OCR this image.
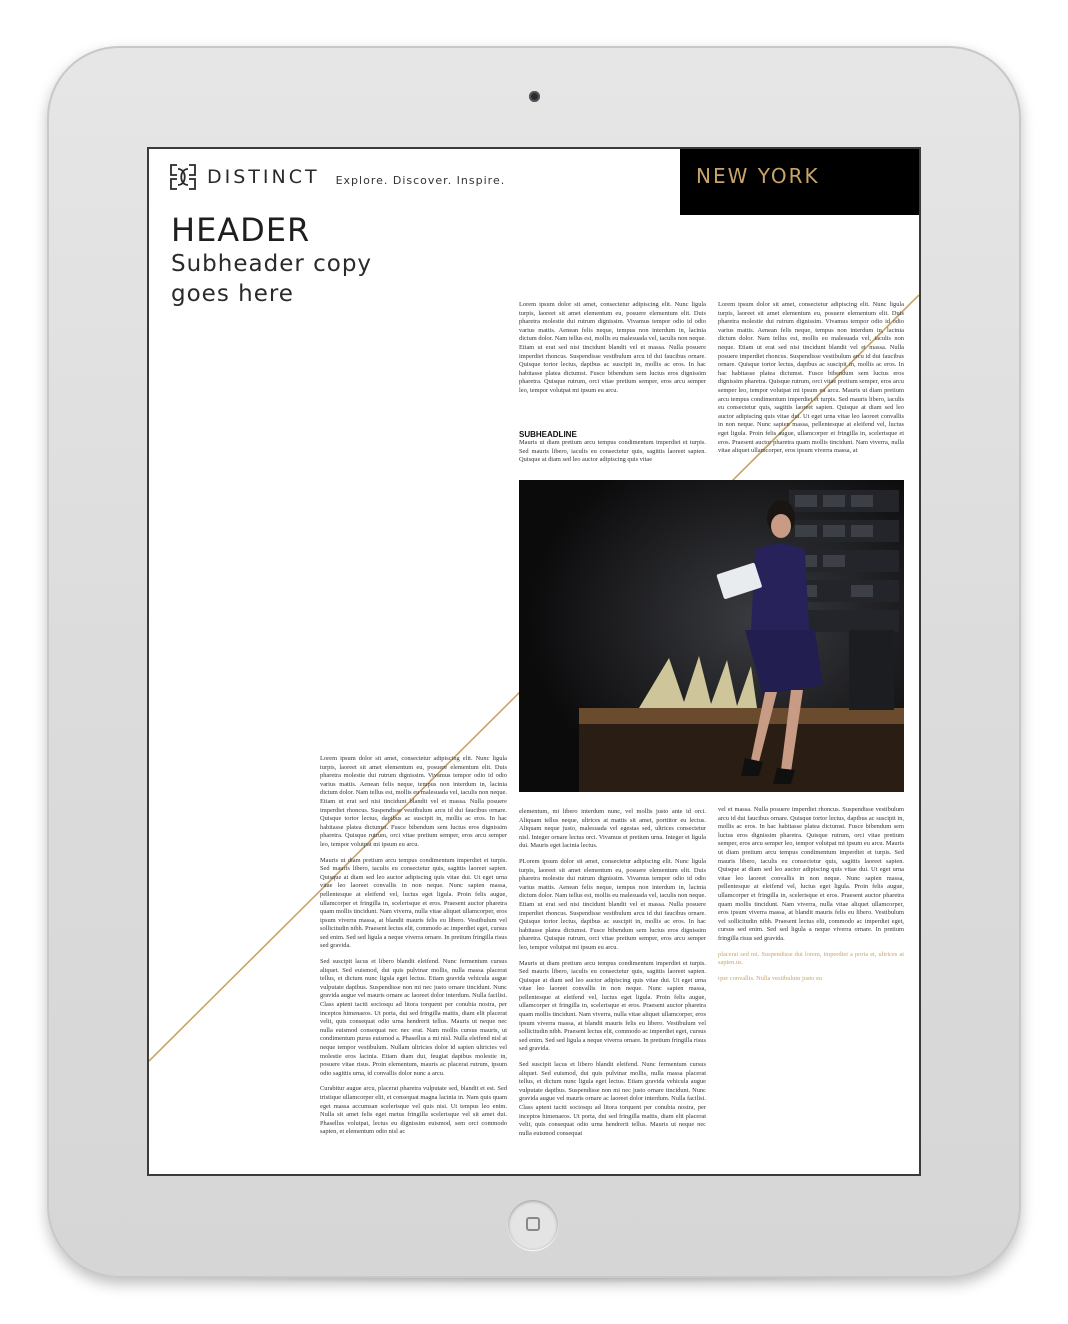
DISTINCT Explore. Discover. Inspire.	NEW YORK
HEADER
Subheader copy goes here	Lorem ipsum dolor sit amet, consectetur adipiscing elit. Nunc ligula turpis, laoreet sit amet elementum eu, posuere elementum elit. Duis pharetra molestie dui rutrum dignissim. Vivamus tempor odio id odio varius mattis. Aenean felis neque, tempus non interdum in, lacinia dictum dolor. Nam tellus est, mollis eu malesuada vel, iaculis non neque. Etiam ut erat sed nisi tincidunt blandit vel et massa. Nulla posuere imperdiet rhoncus. Suspendisse vestibulum arcu id dui faucibus ornare. Quisque tortor lectus, dapibus ac suscipit in, mollis ac eros. In hac habitasse platea dictumst. Fusce bibendum sem luctus eros dignissim pharetra. Quisque rutrum, orci vitae pretium semper, eros arcu semper leo, tempor volutpat mi ipsum eu arcu.

SUBHEADLINE

Mauris ut diam pretium arcu tempus condimentum imperdiet et turpis. Sed mauris libero, iaculis eu consectetur quis, sagittis laoreet sapien. Quisque at diam sed leo auctor adipiscing quis vitae

Lorem ipsum dolor sit amet, consectetur adipiscing elit. Nunc ligula turpis, laoreet sit amet elementum eu, posuere elementum elit. Duis pharetra molestie dui rutrum dignissim. Vivamus tempor odio id odio varius mattis. Aenean felis neque, tempus non interdum in, lacinia dictum dolor. Nam tellus est, mollis eu malesuada vel, iaculis non neque. Etiam ut erat sed nisi tincidunt blandit vel et massa. Nulla posuere imperdiet rhoncus. Suspendisse vestibulum arcu id dui faucibus ornare. Quisque tortor lectus, dapibus ac suscipit in, mollis ac eros. In hac habitasse platea dictumst. Fusce bibendum sem luctus eros dignissim pharetra. Quisque rutrum, orci vitae pretium semper, eros arcu semper leo, tempor volutpat mi ipsum eu arcu. Mauris ut diam pretium arcu tempus condimentum imperdiet et turpis. Sed mauris libero, iaculis eu consectetur quis, sagittis laoreet sapien. Quisque at diam sed leo auctor adipiscing quis vitae dui. Ut eget urna vitae leo laoreet convallis in non neque. Nunc sapien massa, pellentesque at eleifend vel, luctus eget ligula. Proin felis augue, ullamcorper et fringilla in, scelerisque et eros. Praesent auctor pharetra quam mollis tincidunt. Nam viverra, nulla vitae aliquet ullamcorper, eros ipsum viverra massa, at

Lorem ipsum dolor sit amet, consectetur adipiscing elit. Nunc ligula turpis, laoreet sit amet elementum eu, posuere elementum elit. Duis pharetra molestie dui rutrum dignissim. Vivamus tempor odio id odio varius mattis. Aenean felis neque, tempus non interdum in, lacinia dictum dolor. Nam tellus est, mollis eu malesuada vel, iaculis non neque. Etiam ut erat sed nisi tincidunt blandit vel et massa. Nulla posuere imperdiet rhoncus. Suspendisse vestibulum arcu id dui faucibus ornare. Quisque tortor lectus, dapibus ac suscipit in, mollis ac eros. In hac habitasse platea dictumst. Fusce bibendum sem luctus eros dignissim pharetra. Quisque rutrum, orci vitae pretium semper, eros arcu semper leo, tempor volutpat mi ipsum eu arcu.

Mauris ut diam pretium arcu tempus condimentum imperdiet et turpis. Sed mauris libero, iaculis eu consectetur quis, sagittis laoreet sapien. Quisque at diam sed leo auctor adipiscing quis vitae dui. Ut eget urna vitae leo laoreet convallis in non neque. Nunc sapien massa, pellentesque at eleifend vel, luctus eget ligula. Proin felis augue, ullamcorper et fringilla in, scelerisque et eros. Praesent auctor pharetra quam mollis tincidunt. Nam viverra, nulla vitae aliquet ullamcorper, eros ipsum viverra massa, at blandit mauris felis eu libero. Vestibulum vel sollicitudin nibh. Praesent lectus elit, commodo ac imperdiet eget, cursus sed enim. Sed sed ligula a neque viverra ornare. In pretium fringilla risus sed gravida.

Sed suscipit lacus et libero blandit eleifend. Nunc fermentum cursus aliquet. Sed euismod, dui quis pulvinar mollis, nulla massa placerat tellus, et dictum nunc ligula eget lectus. Etiam gravida vehicula augue vulputate dapibus. Suspendisse non mi nec justo ornare tincidunt. Nunc gravida augue vel mauris ornare ac laoreet dolor interdum. Nulla facilisi. Class aptent taciti sociosqu ad litora torquent per conubia nostra, per inceptos himenaeos. Ut porta, dui sed fringilla mattis, diam elit placerat velit, quis consequat odio urna hendrerit tellus. Mauris ut neque nec nulla euismod consequat nec nec erat. Nam mollis cursus mauris, ut condimentum purus euismod a. Phasellus a mi nisl. Nulla eleifend nisl at neque tempor vestibulum. Nullam ultricies dolor id sapien ultricies vel molestie eros lacinia. Etiam diam dui, feugiat dapibus molestie in, posuere vitae risus. Proin elementum, mauris ac placerat rutrum, ipsum odio sagittis urna, id convallis dolor nunc a arcu.

Curabitur augue arcu, placerat pharetra vulputate sed, blandit et est. Sed tristique ullamcorper elit, et consequat magna lacinia in. Nam quis quam eget massa accumsan scelerisque vel quis nisi. Ut tempus leo enim. Nulla sit amet felis eget metus fringilla scelerisque vel sit amet dui. Phasellus volutpat, lectus eu dignissim euismod, sem orci commodo sapien, et elementum odio nisl ac

elementum, mi libero interdum nunc, vel mollis justo ante id orci. Aliquam tellus neque, ultrices at mattis sit amet, porttitor eu lectus. Aliquam neque justo, malesuada vel egestas sed, ultrices consectetur nisl. Integer ornare lectus orci. Vivamus et pretium urna. Integer et ligula dui. Mauris eget lacinia lectus.

PLorem ipsum dolor sit amet, consectetur adipiscing elit. Nunc ligula turpis, laoreet sit amet elementum eu, posuere elementum elit. Duis pharetra molestie dui rutrum dignissim. Vivamus tempor odio id odio varius mattis. Aenean felis neque, tempus non interdum in, lacinia dictum dolor. Nam tellus est, mollis eu malesuada vel, iaculis non neque. Etiam ut erat sed nisi tincidunt blandit vel et massa. Nulla posuere imperdiet rhoncus. Suspendisse vestibulum arcu id dui faucibus ornare. Quisque tortor lectus, dapibus ac suscipit in, mollis ac eros. In hac habitasse platea dictumst. Fusce bibendum sem luctus eros dignissim pharetra. Quisque rutrum, orci vitae pretium semper, eros arcu semper leo, tempor volutpat mi ipsum eu arcu.

Mauris ut diam pretium arcu tempus condimentum imperdiet et turpis. Sed mauris libero, iaculis eu consectetur quis, sagittis laoreet sapien. Quisque at diam sed leo auctor adipiscing quis vitae dui. Ut eget urna vitae leo laoreet convallis in non neque. Nunc sapien massa, pellentesque at eleifend vel, luctus eget ligula. Proin felis augue, ullamcorper et fringilla in, scelerisque et eros. Praesent auctor pharetra quam mollis tincidunt. Nam viverra, nulla vitae aliquet ullamcorper, eros ipsum viverra massa, at blandit mauris felis eu libero. Vestibulum vel sollicitudin nibh. Praesent lectus elit, commodo ac imperdiet eget, cursus sed enim. Sed sed ligula a neque viverra ornare. In pretium fringilla risus sed gravida.

Sed suscipit lacus et libero blandit eleifend. Nunc fermentum cursus aliquet. Sed euismod, dui quis pulvinar mollis, nulla massa placerat tellus, et dictum nunc ligula eget lectus. Etiam gravida vehicula augue vulputate dapibus. Suspendisse non mi nec justo ornare tincidunt. Nunc gravida augue vel mauris ornare ac laoreet dolor interdum. Nulla facilisi. Class aptent taciti sociosqu ad litora torquent per conubia nostra, per inceptos himenaeos. Ut porta, dui sed fringilla mattis, diam elit placerat velit, quis consequat odio urna hendrerit tellus. Mauris ut neque nec nulla euismod consequat

vel et massa. Nulla posuere imperdiet rhoncus. Suspendisse vestibulum arcu id dui faucibus ornare. Quisque tortor lectus, dapibus ac suscipit in, mollis ac eros. In hac habitasse platea dictumst. Fusce bibendum sem luctus eros dignissim pharetra. Quisque rutrum, orci vitae pretium semper, eros arcu semper leo, tempor volutpat mi ipsum eu arcu. Mauris ut diam pretium arcu tempus condimentum imperdiet et turpis. Sed mauris libero, iaculis eu consectetur quis, sagittis laoreet sapien. Quisque at diam sed leo auctor adipiscing quis vitae dui. Ut eget urna vitae leo laoreet convallis in non neque. Nunc sapien massa, pellentesque at eleifend vel, luctus eget ligula. Proin felis augue, ullamcorper et fringilla in, scelerisque et eros. Praesent auctor pharetra quam mollis tincidunt. Nam viverra, nulla vitae aliquet ullamcorper, eros ipsum viverra massa, at blandit mauris felis eu libero. Vestibulum vel sollicitudin nibh. Praesent lectus elit, commodo ac imperdiet eget, cursus sed enim. Sed sed ligula a neque viverra ornare. In pretium fringilla risus sed gravida.

placerat sed mi. Suspendisse dui lorem, imperdiet a porta et, ultrices at sapien.us.

rper convallis. Nulla vestibulum justo eu
